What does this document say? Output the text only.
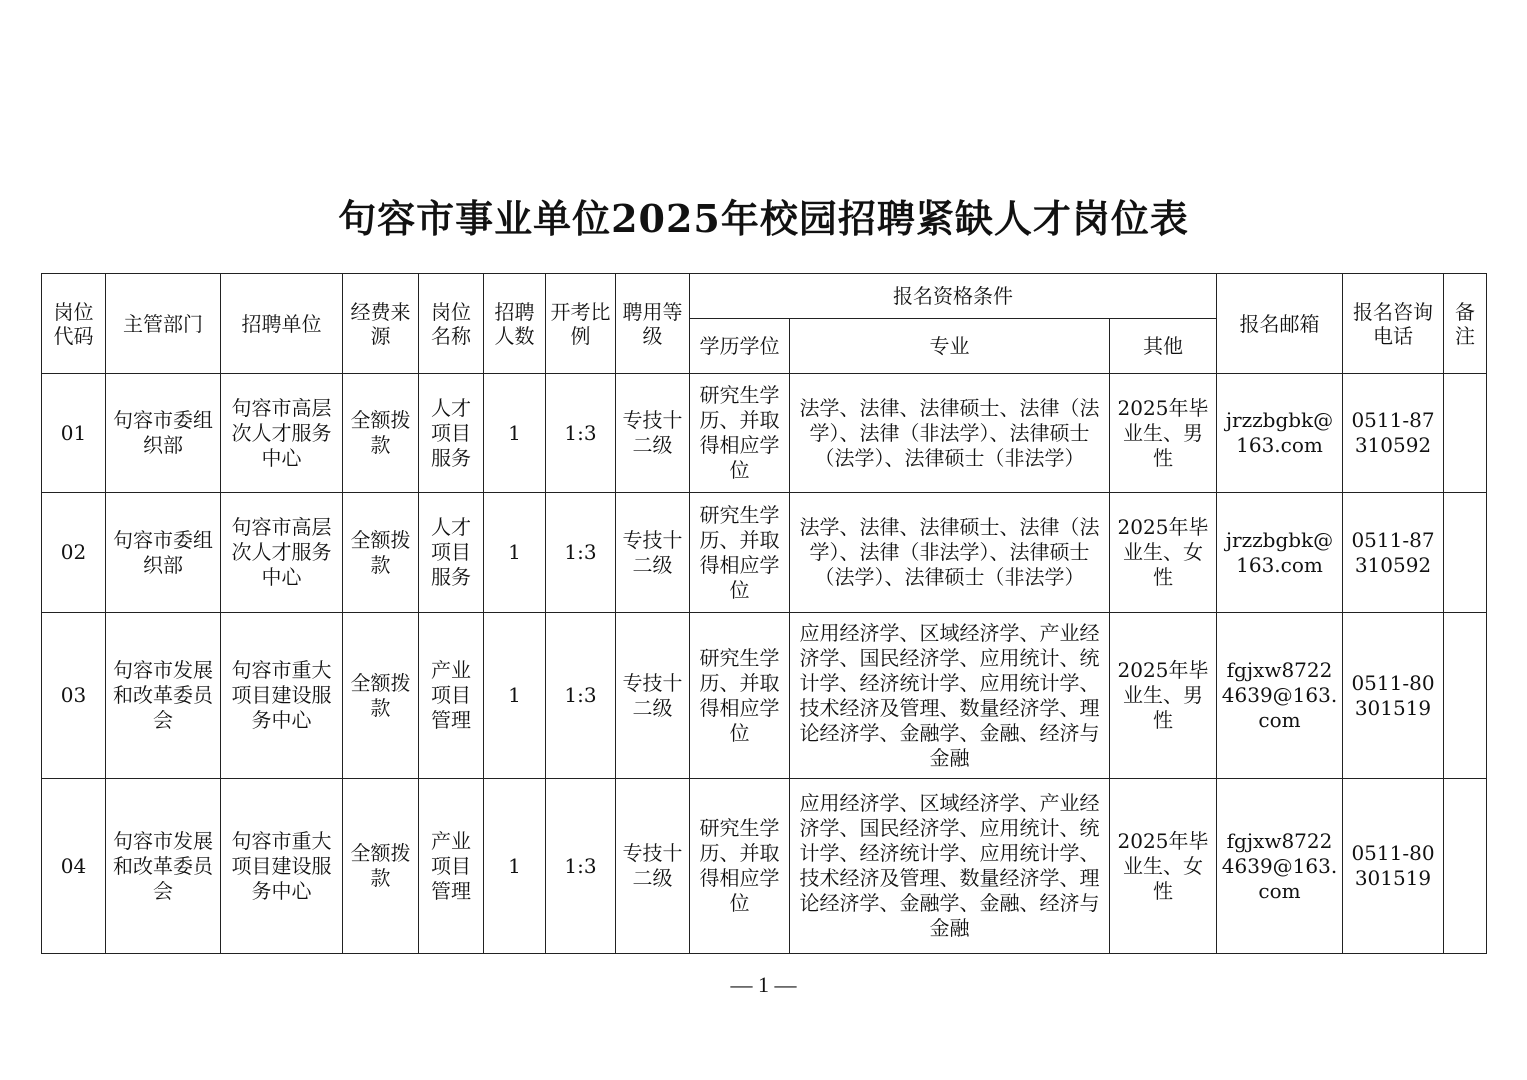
句容市事业单位2025年校园招聘紧缺人才岗位表
岗位代码	主管部门	招聘单位	经费来源	岗位名称	招聘人数	开考比例	聘用等级	报名资格条件			报名邮箱	报名咨询电话	备注
								学历学位	专业	其他			
01	句容市委组织部	句容市高层次人才服务中心	全额拨款	人才项目服务	1	1:3	专技十二级	研究生学历、并取得相应学位	法学、法律、法律硕士、法律（法学）、法律（非法学）、法律硕士（法学）、法律硕士（非法学）	2025年毕业生、男性	jrzzbgbk@163.com	0511-87310592	
02	句容市委组织部	句容市高层次人才服务中心	全额拨款	人才项目服务	1	1:3	专技十二级	研究生学历、并取得相应学位	法学、法律、法律硕士、法律（法学）、法律（非法学）、法律硕士（法学）、法律硕士（非法学）	2025年毕业生、女性	jrzzbgbk@163.com	0511-87310592	
03	句容市发展和改革委员会	句容市重大项目建设服务中心	全额拨款	产业项目管理	1	1:3	专技十二级	研究生学历、并取得相应学位	应用经济学、区域经济学、产业经济学、国民经济学、应用统计、统计学、经济统计学、应用统计学、技术经济及管理、数量经济学、理论经济学、金融学、金融、经济与金融	2025年毕业生、男性	fgjxw87224639@163.com	0511-80301519	
04	句容市发展和改革委员会	句容市重大项目建设服务中心	全额拨款	产业项目管理	1	1:3	专技十二级	研究生学历、并取得相应学位	应用经济学、区域经济学、产业经济学、国民经济学、应用统计、统计学、经济统计学、应用统计学、技术经济及管理、数量经济学、理论经济学、金融学、金融、经济与金融	2025年毕业生、女性	fgjxw87224639@163.com	0511-80301519	
— 1 —
